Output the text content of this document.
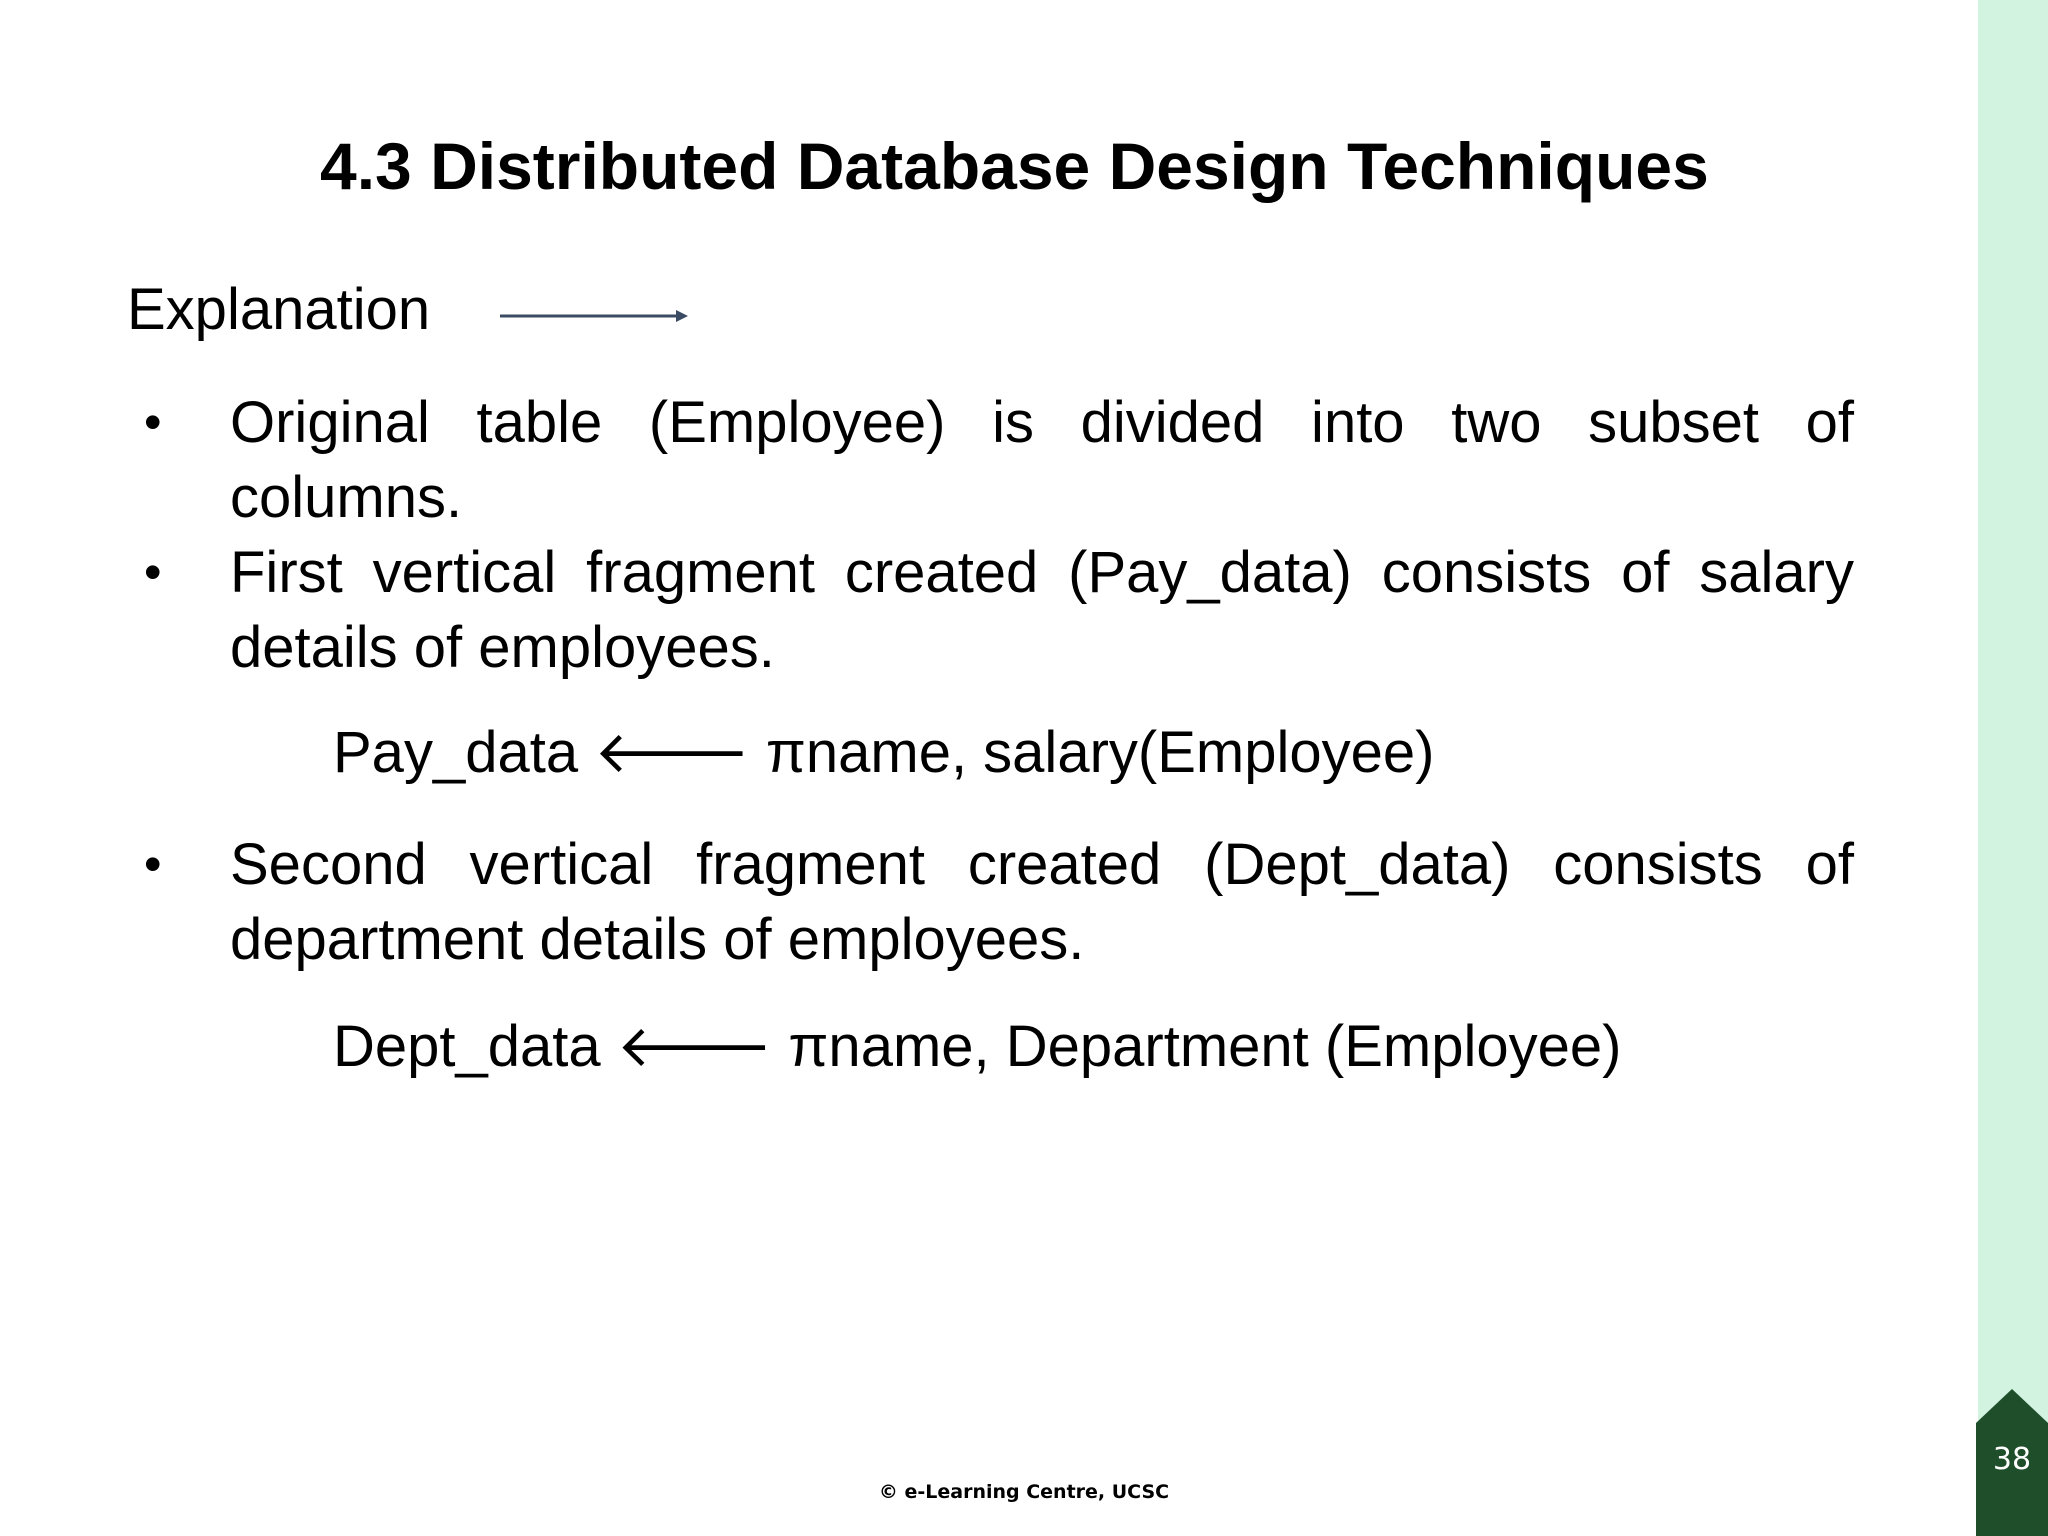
4.3 Distributed Database Design Techniques
Explanation
•	Original table (Employee) is divided into two subset of columns.
•	First vertical fragment created (Pay_data) consists of salary details of employees.
Pay_data 🡐 πname, salary(Employee)
•	Second vertical fragment created (Dept_data) consists of department details of employees.
Dept_data 🡐 πname, Department (Employee)
© e-Learning Centre, UCSC
38
